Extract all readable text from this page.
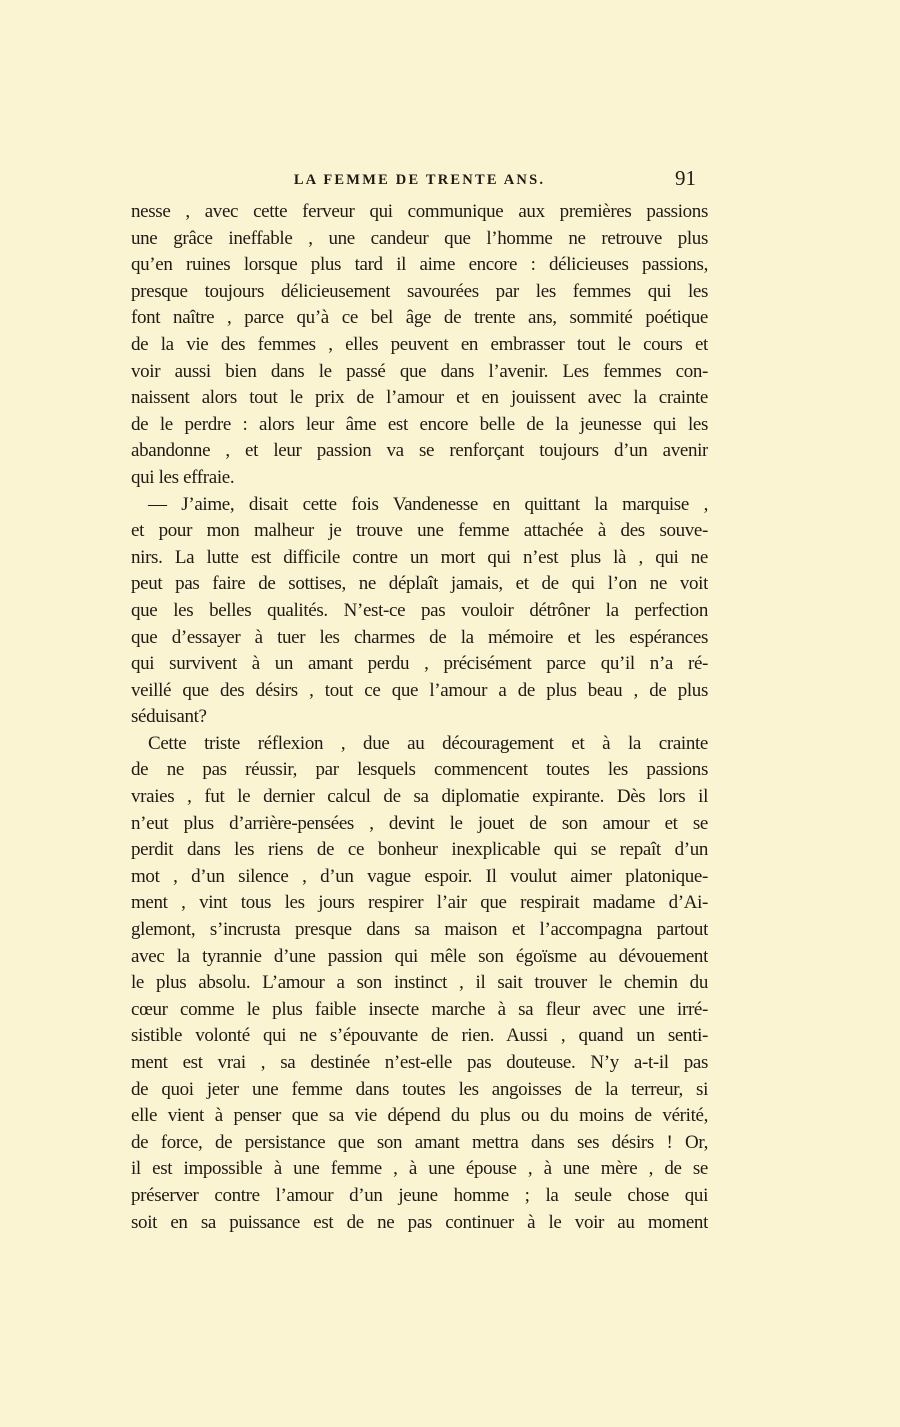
LA FEMME DE TRENTE ANS.	91
nesse , avec cette ferveur qui communique aux premières passions
une grâce ineffable , une candeur que l’homme ne retrouve plus
qu’en ruines lorsque plus tard il aime encore : délicieuses passions,
presque toujours délicieusement savourées par les femmes qui les
font naître , parce qu’à ce bel âge de trente ans, sommité poétique
de la vie des femmes , elles peuvent en embrasser tout le cours et
voir aussi bien dans le passé que dans l’avenir. Les femmes con-
naissent alors tout le prix de l’amour et en jouissent avec la crainte
de le perdre : alors leur âme est encore belle de la jeunesse qui les
abandonne , et leur passion va se renforçant toujours d’un avenir
qui les effraie.
— J’aime, disait cette fois Vandenesse en quittant la marquise ,
et pour mon malheur je trouve une femme attachée à des souve-
nirs. La lutte est difficile contre un mort qui n’est plus là , qui ne
peut pas faire de sottises, ne déplaît jamais, et de qui l’on ne voit
que les belles qualités. N’est-ce pas vouloir détrôner la perfection
que d’essayer à tuer les charmes de la mémoire et les espérances
qui survivent à un amant perdu , précisément parce qu’il n’a ré-
veillé que des désirs , tout ce que l’amour a de plus beau , de plus
séduisant?
Cette triste réflexion , due au découragement et à la crainte
de ne pas réussir, par lesquels commencent toutes les passions
vraies , fut le dernier calcul de sa diplomatie expirante. Dès lors il
n’eut plus d’arrière-pensées , devint le jouet de son amour et se
perdit dans les riens de ce bonheur inexplicable qui se repaît d’un
mot , d’un silence , d’un vague espoir. Il voulut aimer platonique-
ment , vint tous les jours respirer l’air que respirait madame d’Ai-
glemont, s’incrusta presque dans sa maison et l’accompagna partout
avec la tyrannie d’une passion qui mêle son égoïsme au dévouement
le plus absolu. L’amour a son instinct , il sait trouver le chemin du
cœur comme le plus faible insecte marche à sa fleur avec une irré-
sistible volonté qui ne s’épouvante de rien. Aussi , quand un senti-
ment est vrai , sa destinée n’est-elle pas douteuse. N’y a-t-il pas
de quoi jeter une femme dans toutes les angoisses de la terreur, si
elle vient à penser que sa vie dépend du plus ou du moins de vérité,
de force, de persistance que son amant mettra dans ses désirs ! Or,
il est impossible à une femme , à une épouse , à une mère , de se
préserver contre l’amour d’un jeune homme ; la seule chose qui
soit en sa puissance est de ne pas continuer à le voir au moment
